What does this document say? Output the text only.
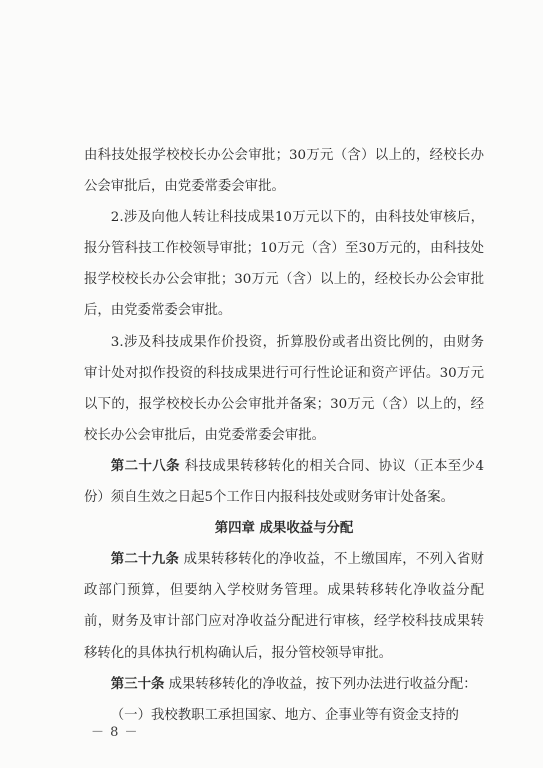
由科技处报学校校长办公会审批；30万元（含）以上的，经校长办公会审批后，由党委常委会审批。

2.涉及向他人转让科技成果10万元以下的，由科技处审核后，报分管科技工作校领导审批；10万元（含）至30万元的，由科技处报学校校长办公会审批；30万元（含）以上的，经校长办公会审批后，由党委常委会审批。

3.涉及科技成果作价投资，折算股份或者出资比例的，由财务审计处对拟作投资的科技成果进行可行性论证和资产评估。30万元以下的，报学校校长办公会审批并备案；30万元（含）以上的，经校长办公会审批后，由党委常委会审批。

第二十八条 科技成果转移转化的相关合同、协议（正本至少4份）须自生效之日起5个工作日内报科技处或财务审计处备案。

第四章 成果收益与分配

第二十九条 成果转移转化的净收益，不上缴国库，不列入省财政部门预算，但要纳入学校财务管理。成果转移转化净收益分配前，财务及审计部门应对净收益分配进行审核，经学校科技成果转移转化的具体执行机构确认后，报分管校领导审批。

第三十条 成果转移转化的净收益，按下列办法进行收益分配：

（一）我校教职工承担国家、地方、企事业等有资金支持的

－ 8 －
